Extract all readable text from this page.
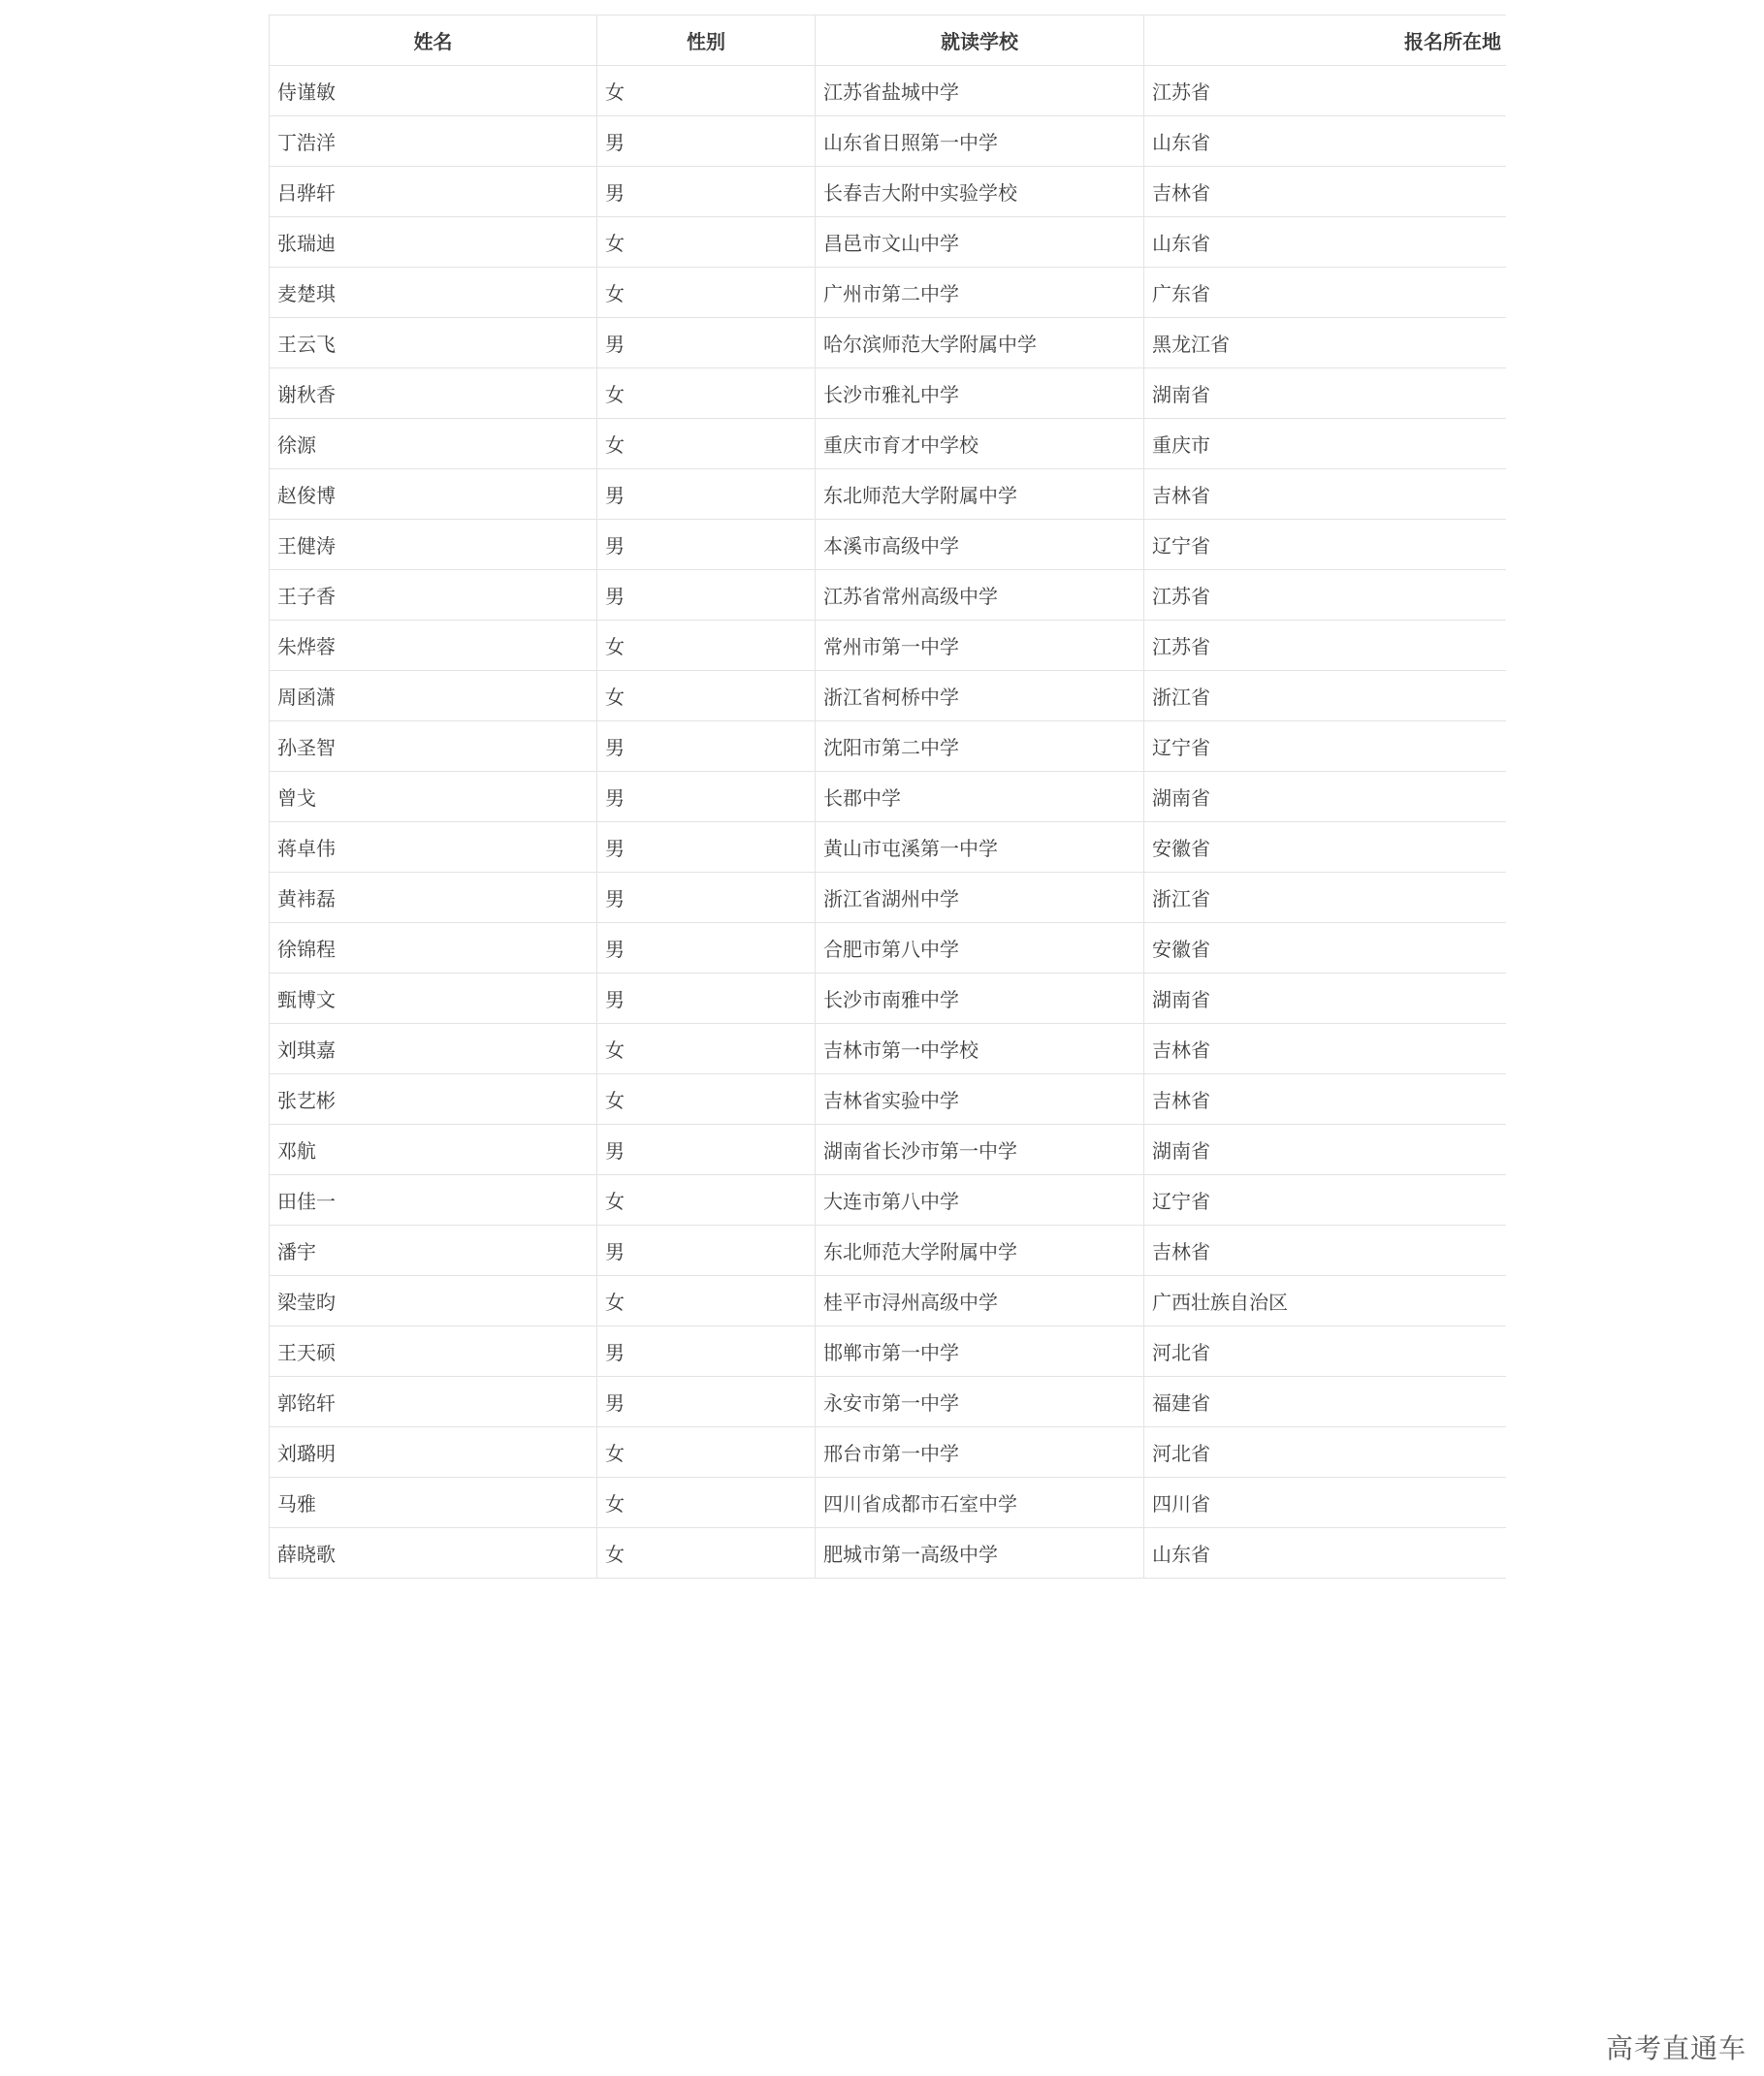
姓名	性别	就读学校	报名所在地
侍谨敏	女	江苏省盐城中学	江苏省
丁浩洋	男	山东省日照第一中学	山东省
吕骅轩	男	长春吉大附中实验学校	吉林省
张瑞迪	女	昌邑市文山中学	山东省
麦楚琪	女	广州市第二中学	广东省
王云飞	男	哈尔滨师范大学附属中学	黑龙江省
谢秋香	女	长沙市雅礼中学	湖南省
徐源	女	重庆市育才中学校	重庆市
赵俊博	男	东北师范大学附属中学	吉林省
王健涛	男	本溪市高级中学	辽宁省
王子香	男	江苏省常州高级中学	江苏省
朱烨蓉	女	常州市第一中学	江苏省
周函潇	女	浙江省柯桥中学	浙江省
孙圣智	男	沈阳市第二中学	辽宁省
曾戈	男	长郡中学	湖南省
蒋卓伟	男	黄山市屯溪第一中学	安徽省
黄袆磊	男	浙江省湖州中学	浙江省
徐锦程	男	合肥市第八中学	安徽省
甄博文	男	长沙市南雅中学	湖南省
刘琪嘉	女	吉林市第一中学校	吉林省
张艺彬	女	吉林省实验中学	吉林省
邓航	男	湖南省长沙市第一中学	湖南省
田佳一	女	大连市第八中学	辽宁省
潘宇	男	东北师范大学附属中学	吉林省
梁莹昀	女	桂平市浔州高级中学	广西壮族自治区
王天硕	男	邯郸市第一中学	河北省
郭铭轩	男	永安市第一中学	福建省
刘璐明	女	邢台市第一中学	河北省
马雅	女	四川省成都市石室中学	四川省
薛晓歌	女	肥城市第一高级中学	山东省
高考直通车
